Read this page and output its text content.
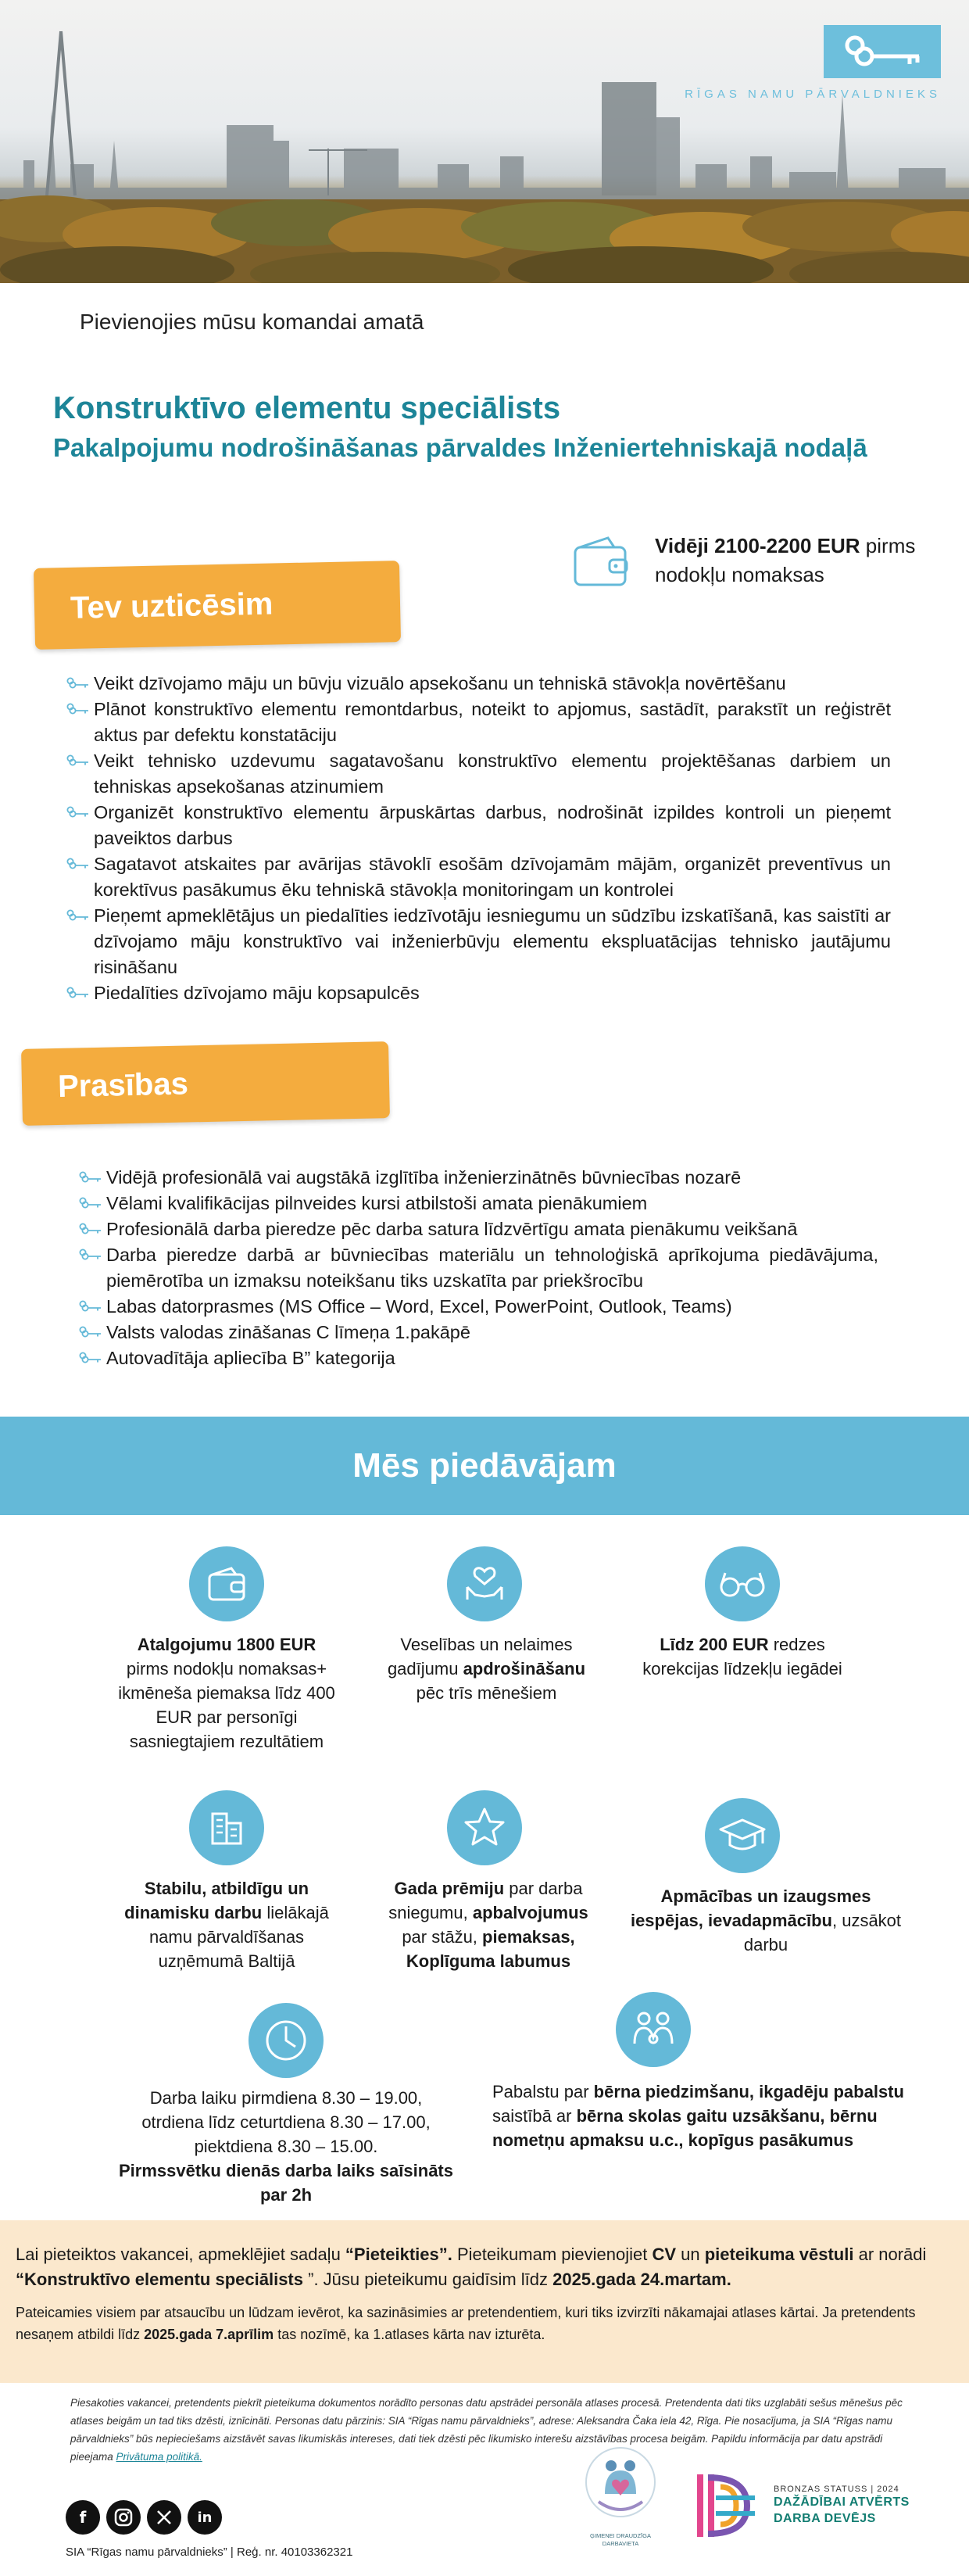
RĪGAS NAMU PĀRVALDNIEKS
Pievienojies mūsu komandai amatā
Konstruktīvo elementu speciālists
Pakalpojumu nodrošināšanas pārvaldes Inženiertehniskajā nodaļā
Vidēji 2100-2200 EUR pirms nodokļu nomaksas
Tev uzticēsim
Veikt dzīvojamo māju un būvju vizuālo apsekošanu un tehniskā stāvokļa novērtēšanu
Plānot konstruktīvo elementu remontdarbus, noteikt to apjomus, sastādīt, parakstīt un reģistrēt aktus par defektu konstatāciju
Veikt tehnisko uzdevumu sagatavošanu konstruktīvo elementu projektēšanas darbiem un tehniskas apsekošanas atzinumiem
Organizēt konstruktīvo elementu ārpuskārtas darbus, nodrošināt izpildes kontroli un pieņemt paveiktos darbus
Sagatavot atskaites par avārijas stāvoklī esošām dzīvojamām mājām, organizēt preventīvus un korektīvus pasākumus ēku tehniskā stāvokļa monitoringam un kontrolei
Pieņemt apmeklētājus un piedalīties iedzīvotāju iesniegumu un sūdzību izskatīšanā, kas saistīti ar dzīvojamo māju konstruktīvo vai inženierbūvju elementu ekspluatācijas tehnisko jautājumu risināšanu
Piedalīties dzīvojamo māju kopsapulcēs
Prasības
Vidējā profesionālā vai augstākā izglītība inženierzinātnēs būvniecības nozarē
Vēlami kvalifikācijas pilnveides kursi atbilstoši amata pienākumiem
Profesionālā darba pieredze pēc darba satura līdzvērtīgu amata pienākumu veikšanā
Darba pieredze darbā ar būvniecības materiālu un tehnoloģiskā aprīkojuma piedāvājuma, piemērotība un izmaksu noteikšanu tiks uzskatīta par priekšrocību
Labas datorprasmes (MS Office – Word, Excel, PowerPoint, Outlook, Teams)
Valsts valodas zināšanas C līmeņa 1.pakāpē
Autovadītāja apliecība B” kategorija
Mēs piedāvājam
Atalgojumu 1800 EUR
pirms nodokļu nomaksas+ ikmēneša piemaksa līdz 400 EUR par personīgi sasniegtajiem rezultātiem
Veselības un nelaimes gadījumu apdrošināšanu pēc trīs mēnešiem
Līdz 200 EUR redzes korekcijas līdzekļu iegādei
Stabilu, atbildīgu un dinamisku darbu lielākajā namu pārvaldīšanas uzņēmumā Baltijā
Gada prēmiju par darba sniegumu, apbalvojumus par stāžu, piemaksas, Koplīguma labumus
Apmācības un izaugsmes iespējas, ievadapmācību, uzsākot darbu
Darba laiku pirmdiena 8.30 – 19.00,
otrdiena līdz ceturtdiena 8.30 – 17.00,
piektdiena 8.30 – 15.00.
Pirmssvētku dienās darba laiks saīsināts par 2h
Pabalstu par bērna piedzimšanu, ikgadēju pabalstu saistībā ar bērna skolas gaitu uzsākšanu, bērnu nometņu apmaksu u.c., kopīgus pasākumus

Lai pieteiktos vakancei, apmeklējiet sadaļu “Pieteikties”. Pieteikumam pievienojiet CV un pieteikuma vēstuli ar norādi “Konstruktīvo elementu speciālists ”. Jūsu pieteikumu gaidīsim līdz 2025.gada 24.martam.

Pateicamies visiem par atsaucību un lūdzam ievērot, ka sazināsimies ar pretendentiem, kuri tiks izvirzīti nākamajai atlases kārtai. Ja pretendents nesaņem atbildi līdz 2025.gada 7.aprīlim tas nozīmē, ka 1.atlases kārta nav izturēta.

Piesakoties vakancei, pretendents piekrīt pieteikuma dokumentos norādīto personas datu apstrādei personāla atlases procesā. Pretendenta dati tiks uzglabāti sešus mēnešus pēc atlases beigām un tad tiks dzēsti, iznīcināti. Personas datu pārzinis: SIA “Rīgas namu pārvaldnieks”, adrese: Aleksandra Čaka iela 42, Rīga. Pie nosacījuma, ja SIA “Rīgas namu pārvaldnieks” būs nepieciešams aizstāvēt savas likumiskās intereses, dati tiek dzēsti pēc likumisko interešu aizstāvības procesa beigām. Papildu informācija par datu apstrādi pieejama Privātuma politikā.
f	in
SIA “Rīgas namu pārvaldnieks” | Reģ. nr. 40103362321
ĢIMENEI DRAUDZĪGA DARBAVIETA
BRONZAS STATUSS | 2024
DAŽĀDĪBAI ATVĒRTS
DARBA DEVĒJS
